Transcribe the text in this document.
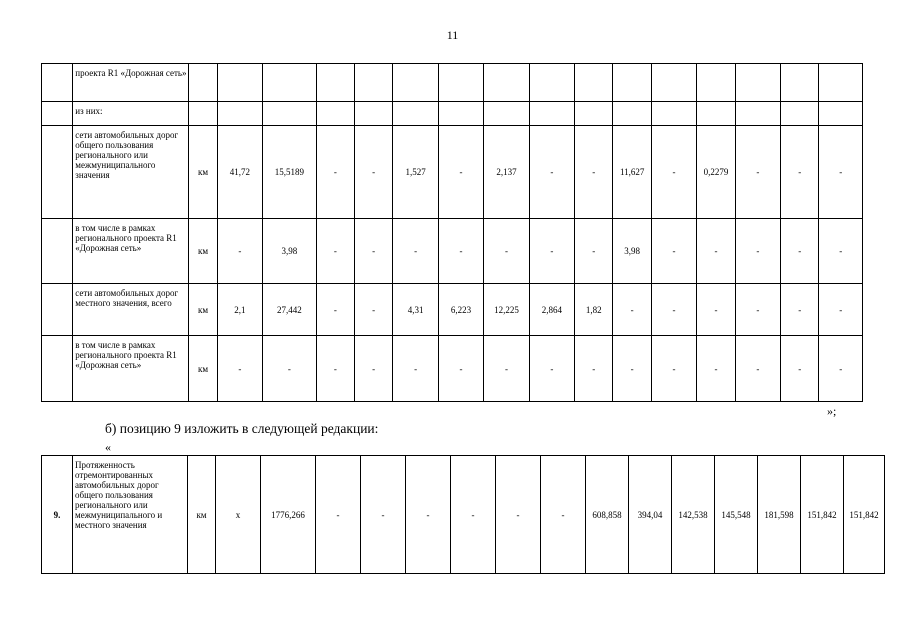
11
	проекта R1 «Дорожная сеть»																
	из них:																
	сети автомобильных дорог общего пользования регионального или межмуниципального значения	км	41,72	15,5189	-	-	1,527	-	2,137	-	-	11,627	-	0,2279	-	-	-
	в том числе в рамках регионального проекта R1 «Дорожная сеть»	км	-	3,98	-	-	-	-	-	-	-	3,98	-	-	-	-	-
	сети автомобильных дорог местного значения, всего	км	2,1	27,442	-	-	4,31	6,223	12,225	2,864	1,82	-	-	-	-	-	-
	в том числе в рамках регионального проекта R1 «Дорожная сеть»	км	-	-	-	-	-	-	-	-	-	-	-	-	-	-	-
»;
б) позицию 9 изложить в следующей редакции:
«
9.	Протяженность отремонтированных автомобильных дорог общего пользования регионального или межмуниципального и местного значения	км	x	1776,266	-	-	-	-	-	-	608,858	394,04	142,538	145,548	181,598	151,842	151,842
